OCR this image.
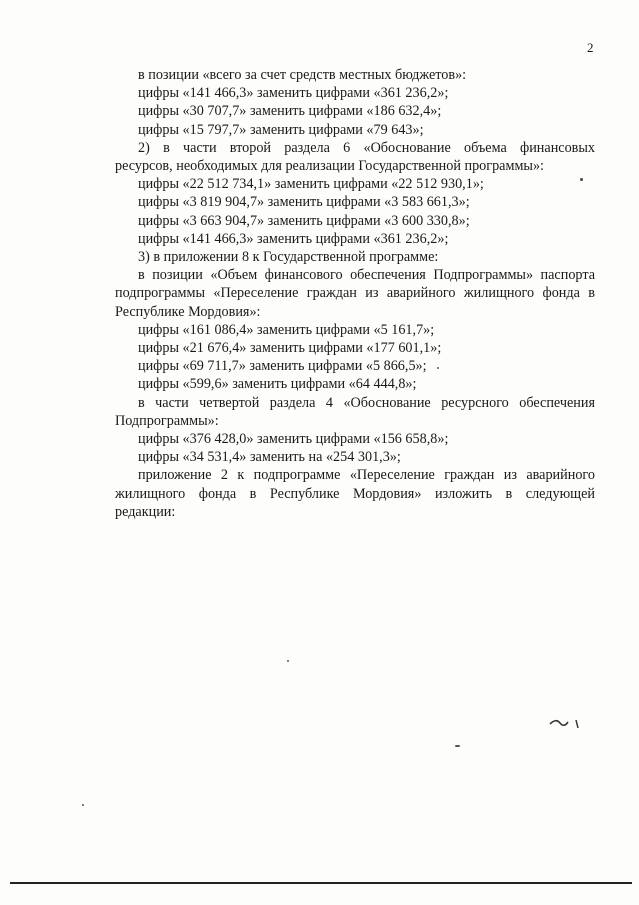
2
в позиции «всего за счет средств местных бюджетов»:
цифры «141 466,3» заменить цифрами «361 236,2»;
цифры «30 707,7» заменить цифрами «186 632,4»;
цифры «15 797,7» заменить цифрами «79 643»;
2) в части второй раздела 6 «Обоснование объема финансовых
ресурсов, необходимых для реализации Государственной программы»:
цифры «22 512 734,1» заменить цифрами «22 512 930,1»;
цифры «3 819 904,7» заменить цифрами «3 583 661,3»;
цифры «3 663 904,7» заменить цифрами «3 600 330,8»;
цифры «141 466,3» заменить цифрами «361 236,2»;
3) в приложении 8 к Государственной программе:
в позиции «Объем финансового обеспечения Подпрограммы» паспорта
подпрограммы «Переселение граждан из аварийного жилищного фонда в
Республике Мордовия»:
цифры «161 086,4» заменить цифрами «5 161,7»;
цифры «21 676,4» заменить цифрами «177 601,1»;
цифры «69 711,7» заменить цифрами «5 866,5»;
цифры «599,6» заменить цифрами «64 444,8»;
в части четвертой раздела 4 «Обоснование ресурсного обеспечения
Подпрограммы»:
цифры «376 428,0» заменить цифрами «156 658,8»;
цифры «34 531,4» заменить на «254 301,3»;
приложение 2 к подпрограмме «Переселение граждан из аварийного
жилищного фонда в Республике Мордовия» изложить в следующей
редакции:
